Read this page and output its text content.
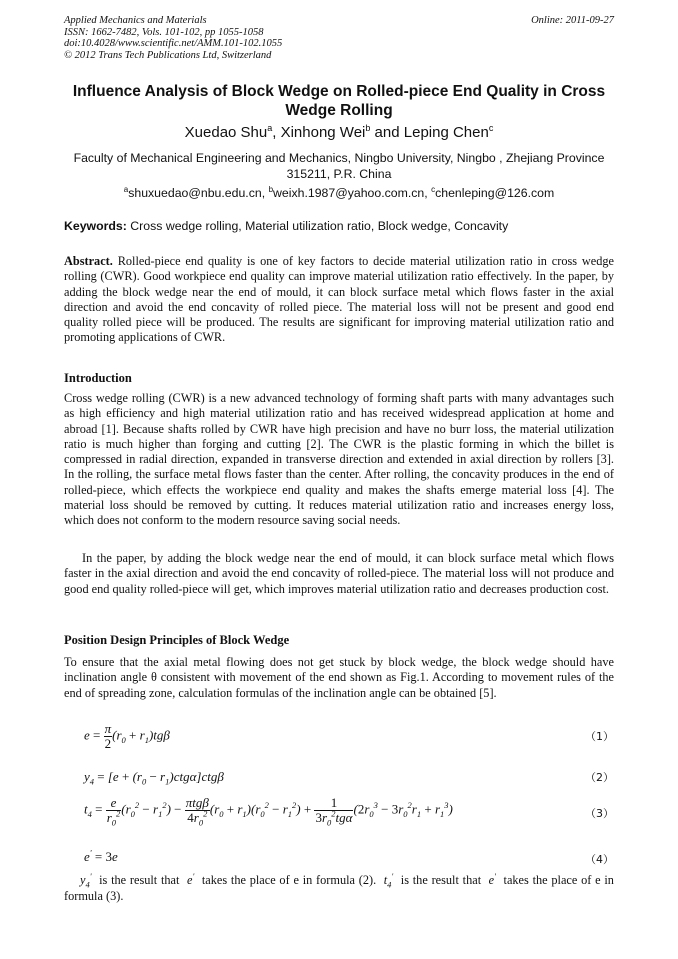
Applied Mechanics and Materials
ISSN: 1662-7482, Vols. 101-102, pp 1055-1058
doi:10.4028/www.scientific.net/AMM.101-102.1055
© 2012 Trans Tech Publications Ltd, Switzerland
Online: 2011-09-27
Influence Analysis of Block Wedge on Rolled-piece End Quality in Cross Wedge Rolling
Xuedao Shu$^a$, Xinhong Wei$^b$ and Leping Chen$^c$
Faculty of Mechanical Engineering and Mechanics, Ningbo University, Ningbo , Zhejiang Province 315211, P.R. China
$^a$shuxuedao@nbu.edu.cn, $^b$weixh.1987@yahoo.com.cn, $^c$chenleping@126.com
Keywords: Cross wedge rolling, Material utilization ratio, Block wedge, Concavity
Abstract. Rolled-piece end quality is one of key factors to decide material utilization ratio in cross wedge rolling (CWR). Good workpiece end quality can improve material utilization ratio effectively. In the paper, by adding the block wedge near the end of mould, it can block surface metal which flows faster in the axial direction and avoid the end concavity of rolled piece. The material loss will not be present and good end quality rolled piece will be produced. The results are significant for improving material utilization ratio and promoting applications of CWR.
Introduction
Cross wedge rolling (CWR) is a new advanced technology of forming shaft parts with many advantages such as high efficiency and high material utilization ratio and has received widespread application at home and abroad [1]. Because shafts rolled by CWR have high precision and have no burr loss, the material utilization ratio is much higher than forging and cutting [2]. The CWR is the plastic forming in which the billet is compressed in radial direction, expanded in transverse direction and extended in axial direction by rollers [3]. In the rolling, the surface metal flows faster than the center. After rolling, the concavity produces in the end of rolled-piece, which effects the workpiece end quality and makes the shafts emerge material loss [4]. The material loss should be removed by cutting. It reduces material utilization ratio and increases energy loss, which does not conform to the modern resource saving social needs.
In the paper, by adding the block wedge near the end of mould, it can block surface metal which flows faster in the axial direction and avoid the end concavity of rolled-piece. The material loss will not produce and good end quality rolled-piece will get, which improves material utilization ratio and decreases production cost.
Position Design Principles of Block Wedge
To ensure that the axial metal flowing does not get stuck by block wedge, the block wedge should have inclination angle θ consistent with movement of the end shown as Fig.1. According to movement rules of the end of spreading zone, calculation formulas of the inclination angle can be obtained [5].
$e = \frac{\pi}{2} (r_0 + r_1)tg\beta$	（1）
$y_4 = [e + (r_0 - r_1)ctg\alpha]ctg\beta$	（2）
$t_4 = \frac{e}{r_0^2} (r_0^2 - r_1^2) - \frac{\text{πtgβ}}{4r_0^2} (r_0 + r_1)(r_0^2 - r_1^2) + \frac{1}{3r_0^2tg\alpha} (2r_0^3 - 3r_0^2r_1 + r_1^3)$	（3）
e' = 3e	（4）
$y_4'$ is the result that e' takes the place of e in formula (2). $t_4'$ is the result that e' takes the place of e in formula (3).
